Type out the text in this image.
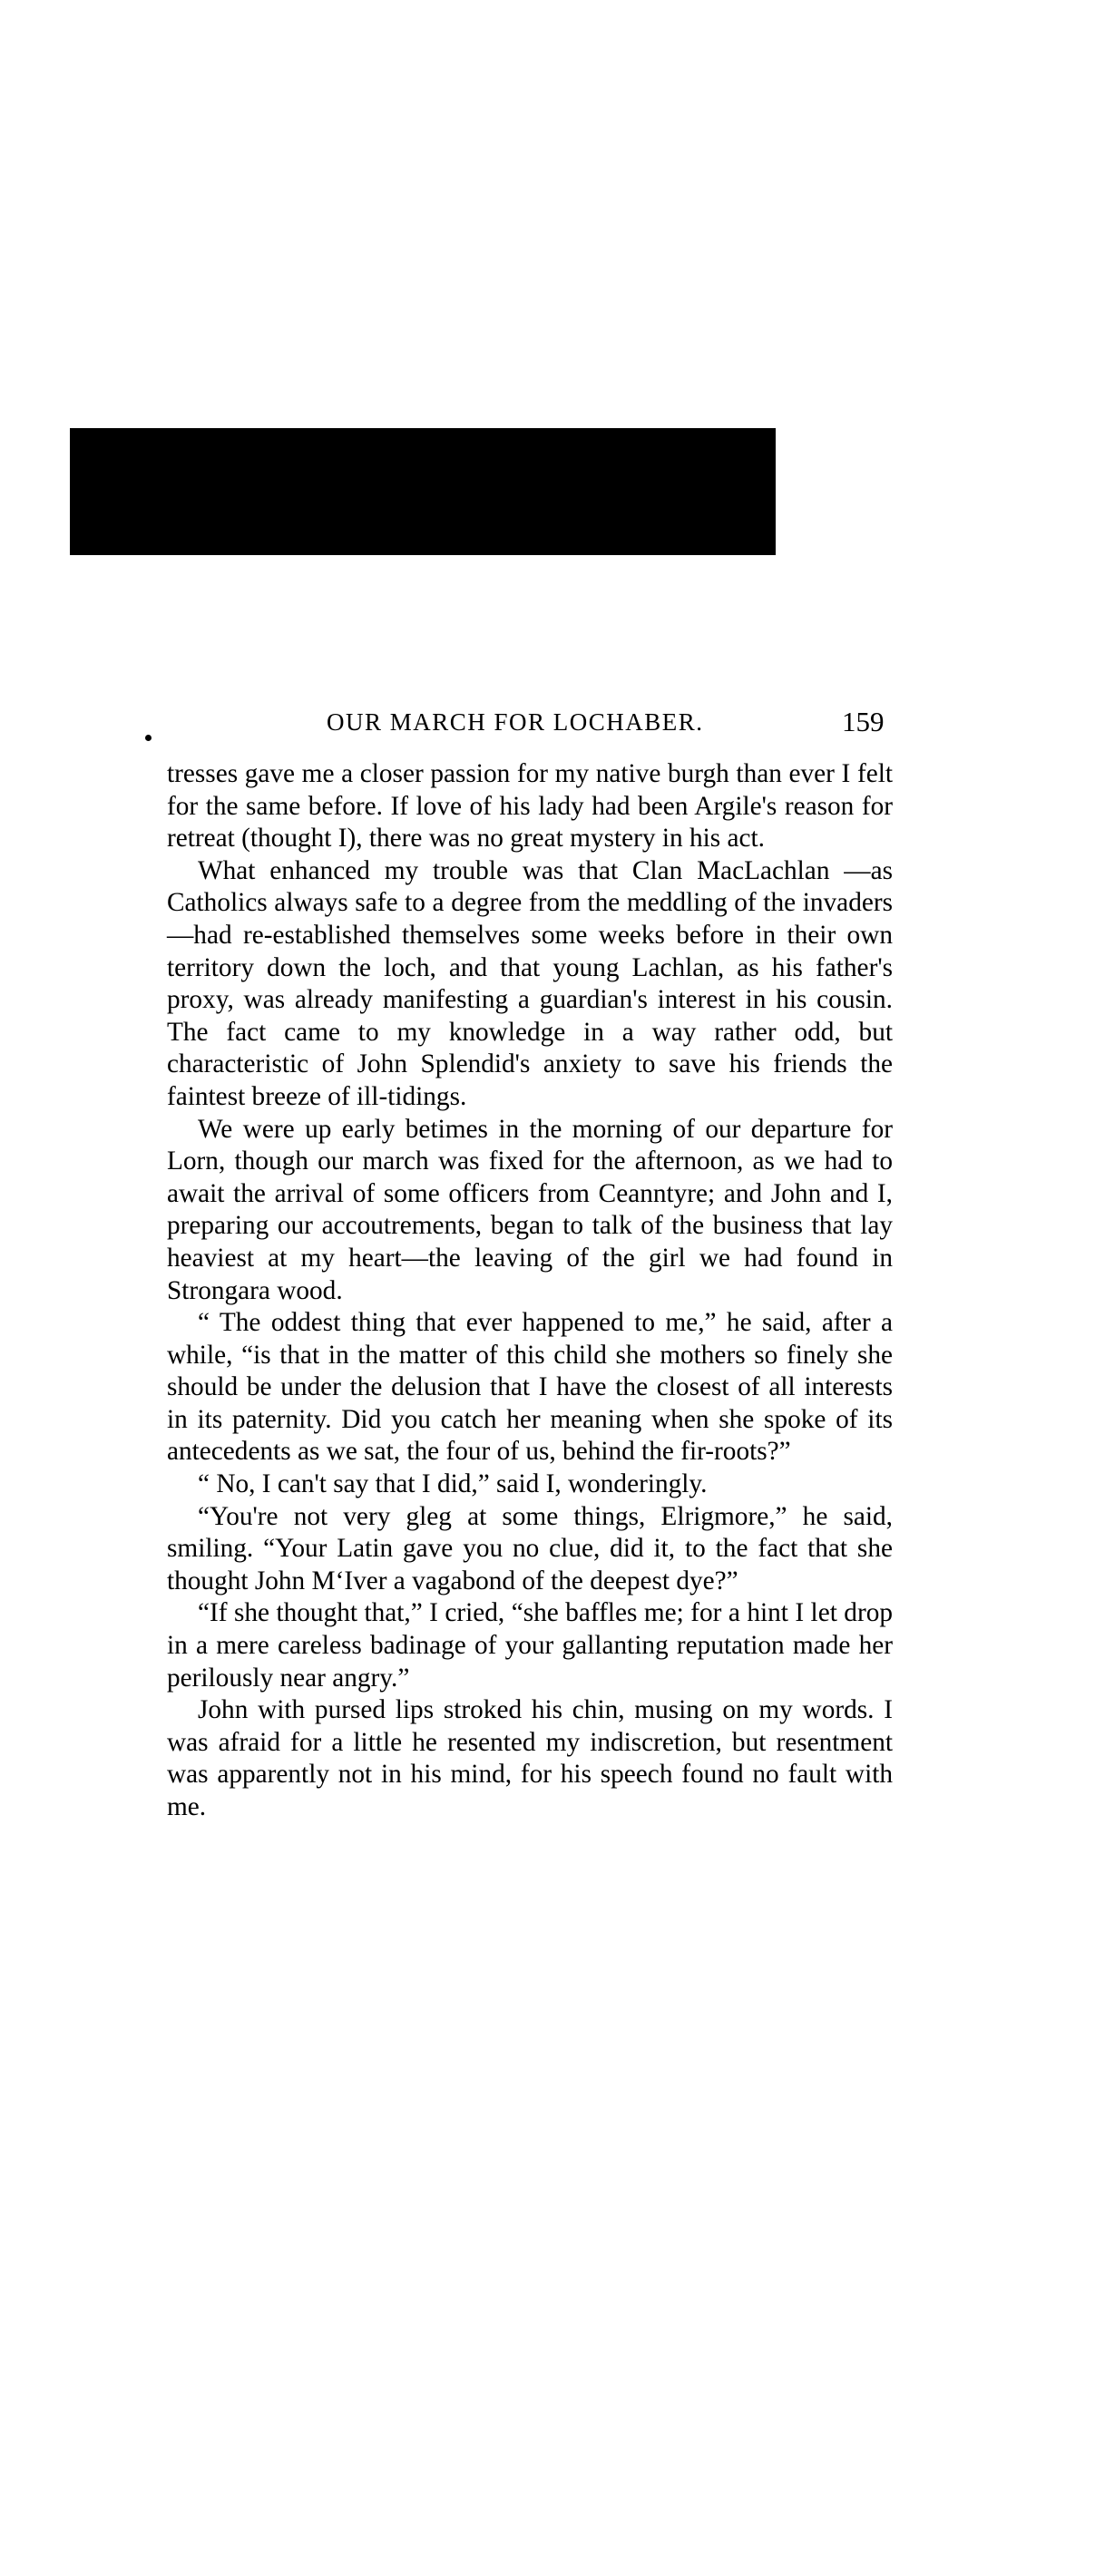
OUR MARCH FOR LOCHABER.	159

tresses gave me a closer passion for my native burgh than ever I felt for the same before. If love of his lady had been Argile's reason for retreat (thought I), there was no great mystery in his act.

What enhanced my trouble was that Clan MacLachlan —as Catholics always safe to a degree from the meddling of the invaders—had re-established themselves some weeks before in their own territory down the loch, and that young Lachlan, as his father's proxy, was already manifesting a guardian's interest in his cousin. The fact came to my knowledge in a way rather odd, but characteristic of John Splendid's anxiety to save his friends the faintest breeze of ill-tidings.

We were up early betimes in the morning of our departure for Lorn, though our march was fixed for the afternoon, as we had to await the arrival of some officers from Ceanntyre; and John and I, preparing our accoutrements, began to talk of the business that lay heaviest at my heart—the leaving of the girl we had found in Strongara wood.

“ The oddest thing that ever happened to me,” he said, after a while, “is that in the matter of this child she mothers so finely she should be under the delusion that I have the closest of all interests in its paternity. Did you catch her meaning when she spoke of its antecedents as we sat, the four of us, behind the fir-roots?”

“ No, I can't say that I did,” said I, wonderingly.

“You're not very gleg at some things, Elrigmore,” he said, smiling. “Your Latin gave you no clue, did it, to the fact that she thought John M‘Iver a vagabond of the deepest dye?”

“If she thought that,” I cried, “she baffles me; for a hint I let drop in a mere careless badinage of your gallanting reputation made her perilously near angry.”

John with pursed lips stroked his chin, musing on my words. I was afraid for a little he resented my indiscretion, but resentment was apparently not in his mind, for his speech found no fault with me.
